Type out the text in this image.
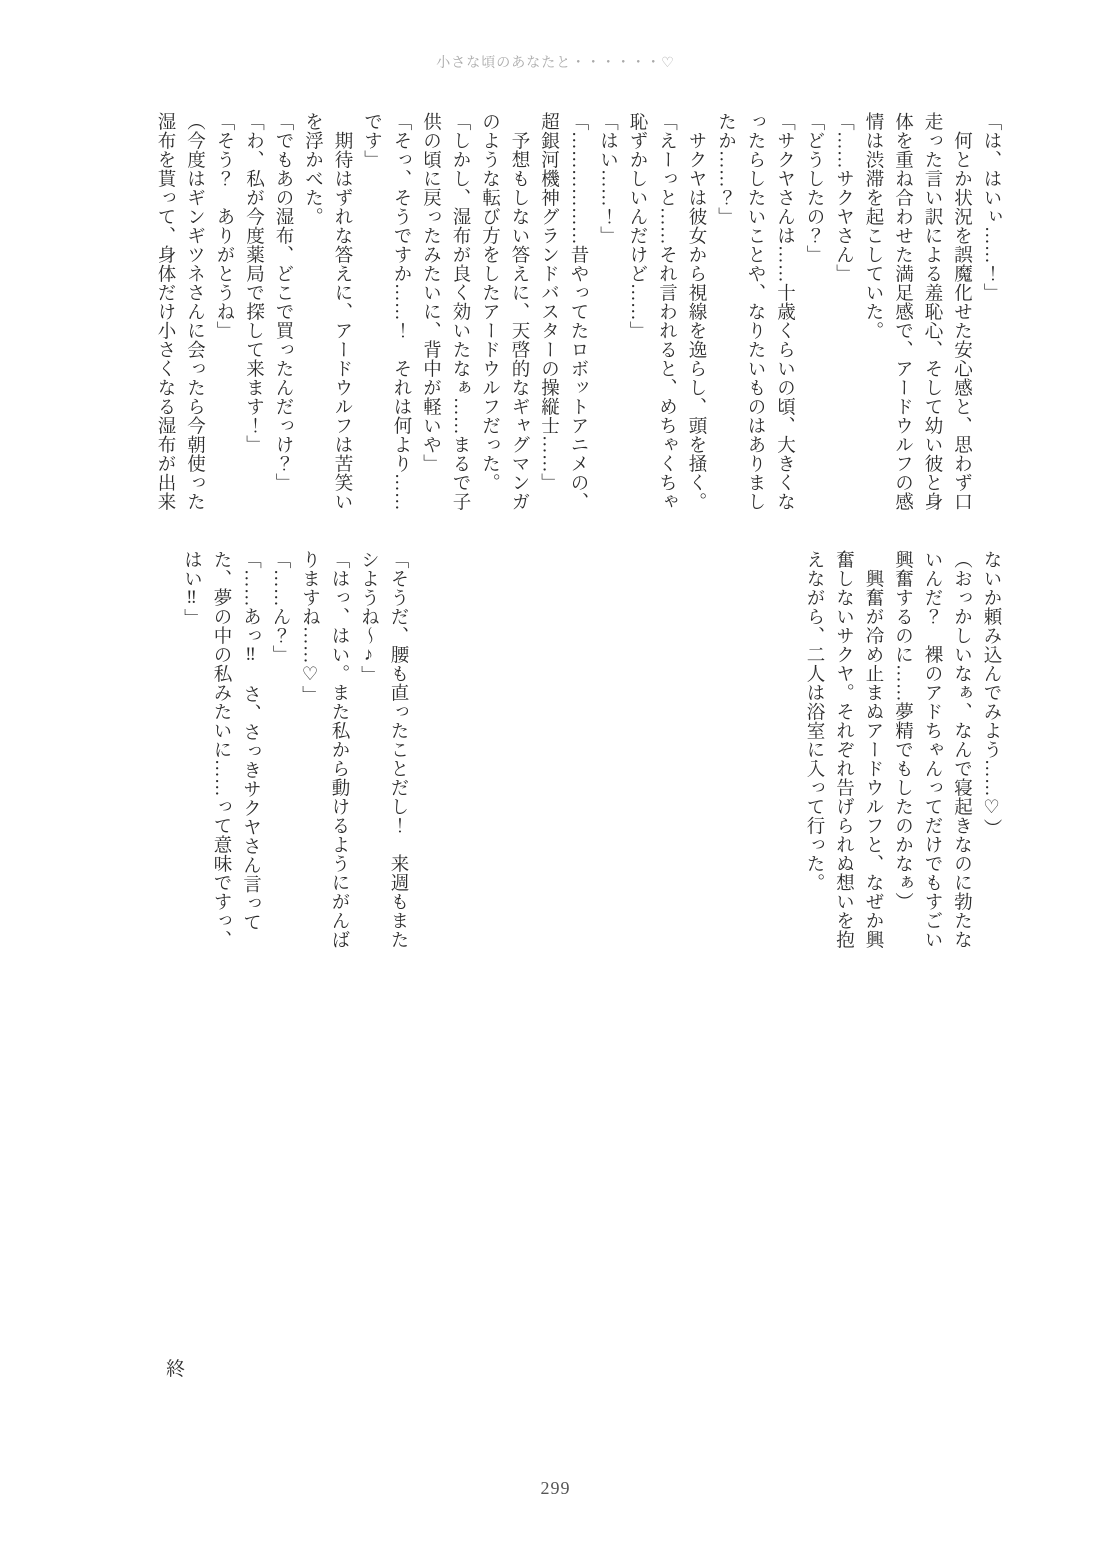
小さな頃のあなたと・・・・・・♡

「は、はいぃ……！」

　何とか状況を誤魔化せた安心感と、思わず口

走った言い訳による羞恥心、そして幼い彼と身

体を重ね合わせた満足感で、アードウルフの感

情は渋滞を起こしていた。

「……サクヤさん」

「どうしたの？」

「サクヤさんは……十歳くらいの頃、大きくな

ったらしたいことや、なりたいものはありまし

たか……？」

　サクヤは彼女から視線を逸らし、頭を掻く。

「えーっと……それ言われると、めちゃくちゃ

恥ずかしいんだけど……」

「はい……！」

「………………昔やってたロボットアニメの、

超銀河機神グランドバスターの操縦士……」

　予想もしない答えに、天啓的なギャグマンガ

のような転び方をしたアードウルフだった。

「しかし、湿布が良く効いたなぁ……まるで子

供の頃に戻ったみたいに、背中が軽いや」

「そっ、そうですか……！　それは何より……

です」

　期待はずれな答えに、アードウルフは苦笑い

を浮かべた。

「でもあの湿布、どこで買ったんだっけ？」

「わ、私が今度薬局で探して来ます！」

「そう？　ありがとうね」

（今度はギンギツネさんに会ったら今朝使った

湿布を貰って、身体だけ小さくなる湿布が出来

ないか頼み込んでみよう……♡）

（おっかしいなぁ、なんで寝起きなのに勃たな

いんだ？　裸のアドちゃんってだけでもすごい

興奮するのに……夢精でもしたのかなぁ）

　興奮が冷め止まぬアードウルフと、なぜか興

奮しないサクヤ。それぞれ告げられぬ想いを抱

えながら、二人は浴室に入って行った。

「そうだ、腰も直ったことだし！　来週もまた

シようね～♪」

「はっ、はい。また私から動けるようにがんば

りますね……♡」

「……ん？」

「……あっ‼　さ、さっきサクヤさん言って

た、夢の中の私みたいに……って意味ですっ、

はい‼」

終
299
